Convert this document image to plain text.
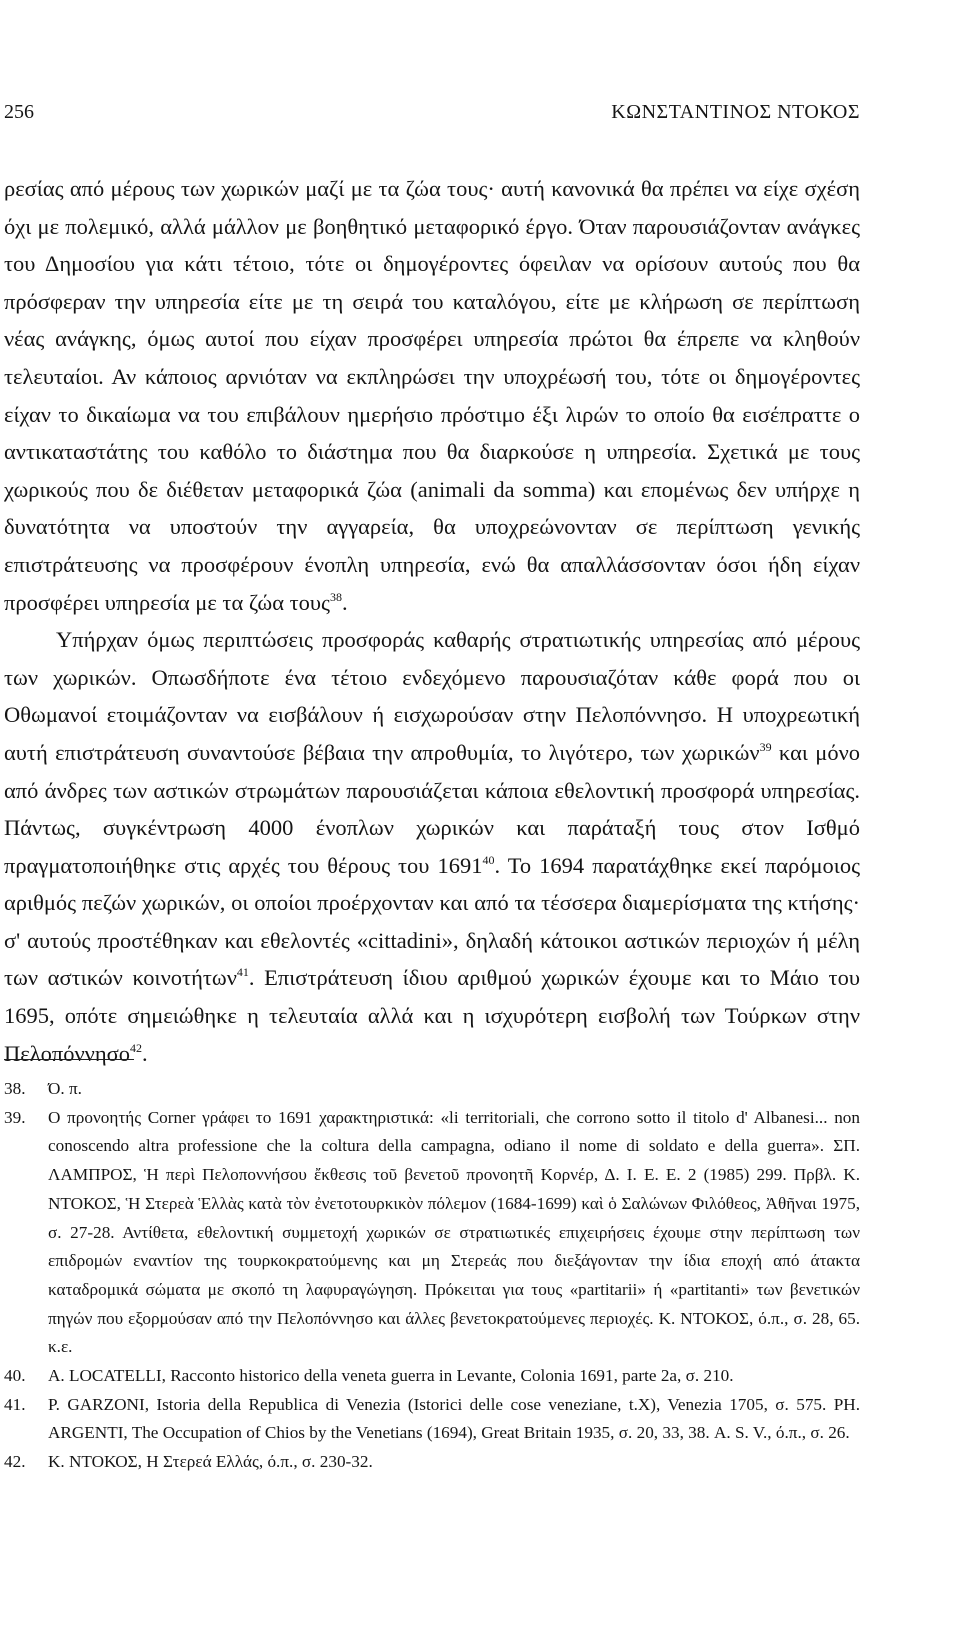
256	ΚΩΝΣΤΑΝΤΙΝΟΣ ΝΤΟΚΟΣ

ρεσίας από μέρους των χωρικών μαζί με τα ζώα τους· αυτή κανονικά θα πρέπει να είχε σχέση όχι με πολεμικό, αλλά μάλλον με βοηθητικό μεταφορικό έργο. Όταν παρουσιάζονταν ανάγκες του Δημοσίου για κάτι τέτοιο, τότε οι δημογέροντες όφειλαν να ορίσουν αυτούς που θα πρόσφεραν την υπηρεσία είτε με τη σειρά του καταλόγου, είτε με κλήρωση σε περίπτωση νέας ανάγκης, όμως αυτοί που είχαν προσφέρει υπηρεσία πρώτοι θα έπρεπε να κληθούν τελευταίοι. Αν κάποιος αρνιόταν να εκπληρώσει την υποχρέωσή του, τότε οι δημογέροντες είχαν το δικαίωμα να του επιβάλουν ημερήσιο πρόστιμο έξι λιρών το οποίο θα εισέπραττε ο αντικαταστάτης του καθόλο το διάστημα που θα διαρκούσε η υπηρεσία. Σχετικά με τους χωρικούς που δε διέθεταν μεταφορικά ζώα (animali da somma) και επομένως δεν υπήρχε η δυνατότητα να υποστούν την αγγαρεία, θα υποχρεώνονταν σε περίπτωση γενικής επιστράτευσης να προσφέρουν ένοπλη υπηρεσία, ενώ θα απαλλάσσονταν όσοι ήδη είχαν προσφέρει υπηρεσία με τα ζώα τους$^{38}$.

Υπήρχαν όμως περιπτώσεις προσφοράς καθαρής στρατιωτικής υπηρεσίας από μέρους των χωρικών. Οπωσδήποτε ένα τέτοιο ενδεχόμενο παρουσιαζόταν κάθε φορά που οι Οθωμανοί ετοιμάζονταν να εισβάλουν ή εισχωρούσαν στην Πελοπόννησο. Η υποχρεωτική αυτή επιστράτευση συναντούσε βέβαια την απροθυμία, το λιγότερο, των χωρικών$^{39}$ και μόνο από άνδρες των αστικών στρωμάτων παρουσιάζεται κάποια εθελοντική προσφορά υπηρεσίας. Πάντως, συγκέντρωση 4000 ένοπλων χωρικών και παράταξή τους στον Ισθμό πραγματοποιήθηκε στις αρχές του θέρους του 1691$^{40}$. Το 1694 παρατάχθηκε εκεί παρόμοιος αριθμός πεζών χωρικών, οι οποίοι προέρχονταν και από τα τέσσερα διαμερίσματα της κτήσης· σ' αυτούς προστέθηκαν και εθελοντές «cittadini», δηλαδή κάτοικοι αστικών περιοχών ή μέλη των αστικών κοινοτήτων$^{41}$. Επιστράτευση ίδιου αριθμού χωρικών έχουμε και το Μάιο του 1695, οπότε σημειώθηκε η τελευταία αλλά και η ισχυρότερη εισβολή των Τούρκων στην Πελοπόννησο$^{42}$.

38.	Ό. π.
39.	Ο προνοητής Corner γράφει το 1691 χαρακτηριστικά: «li territoriali, che corrono sotto il titolo d' Albanesi... non conoscendo altra professione che la coltura della campagna, odiano il nome di soldato e della guerra». ΣΠ. ΛΑΜΠΡΟΣ, Ἡ περὶ Πελοποννήσου ἔκθεσις τοῦ βενετοῦ προνοητῆ Κορνέρ, Δ. Ι. Ε. Ε. 2 (1985) 299. Πρβλ. Κ. ΝΤΟΚΟΣ, Ἡ Στερεὰ Ἑλλὰς κατὰ τὸν ἐνετοτουρκικὸν πόλεμον (1684-1699) καὶ ὁ Σαλώνων Φιλόθεος, Ἀθῆναι 1975, σ. 27-28. Αντίθετα, εθελοντική συμμετοχή χωρικών σε στρατιωτικές επιχειρήσεις έχουμε στην περίπτωση των επιδρομών εναντίον της τουρκοκρατούμενης και μη Στερεάς που διεξάγονταν την ίδια εποχή από άτακτα καταδρομικά σώματα με σκοπό τη λαφυραγώγηση. Πρόκειται για τους «partitarii» ή «partitanti» των βενετικών πηγών που εξορμούσαν από την Πελοπόννησο και άλλες βενετοκρατούμενες περιοχές. Κ. ΝΤΟΚΟΣ, ό.π., σ. 28, 65. κ.ε.
40.	A. LOCATELLI, Racconto historico della veneta guerra in Levante, Colonia 1691, parte 2a, σ. 210.
41.	P. GARZONI, Istoria della Republica di Venezia (Istorici delle cose veneziane, t.X), Venezia 1705, σ. 575. PH. ARGENTI, The Occupation of Chios by the Venetians (1694), Great Britain 1935, σ. 20, 33, 38. A. S. V., ό.π., σ. 26.
42.	Κ. ΝΤΟΚΟΣ, Η Στερεά Ελλάς, ό.π., σ. 230-32.
